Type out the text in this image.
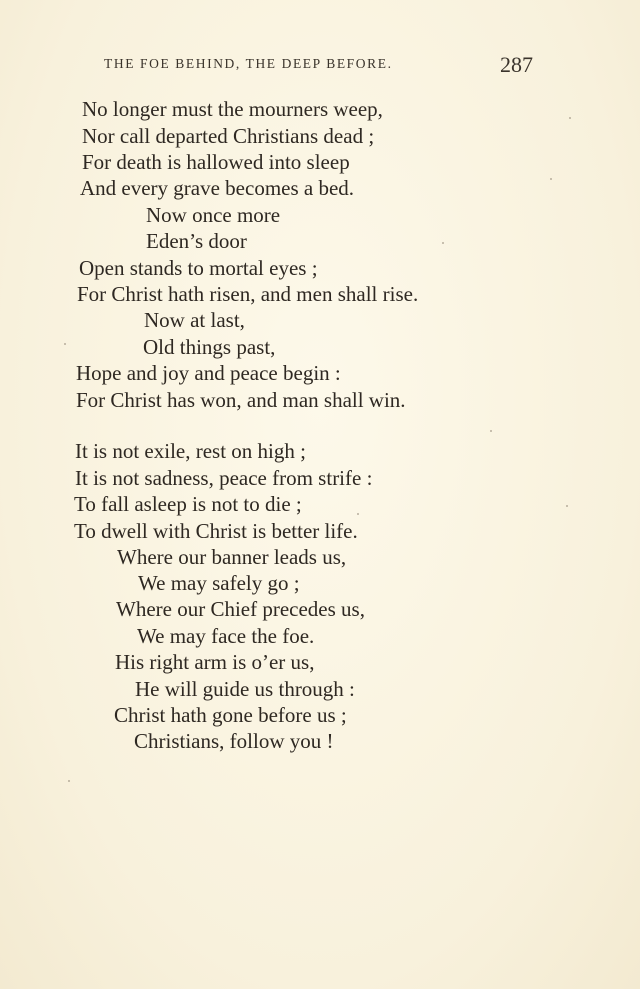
THE FOE BEHIND, THE DEEP BEFORE.	287
No longer must the mourners weep,
Nor call departed Christians dead ;
For death is hallowed into sleep
And every grave becomes a bed.
Now once more
Eden’s door
Open stands to mortal eyes ;
For Christ hath risen, and men shall rise.
Now at last,
Old things past,
Hope and joy and peace begin :
For Christ has won, and man shall win.
It is not exile, rest on high ;
It is not sadness, peace from strife :
To fall asleep is not to die ;
To dwell with Christ is better life.
Where our banner leads us,
We may safely go ;
Where our Chief precedes us,
We may face the foe.
His right arm is o’er us,
He will guide us through :
Christ hath gone before us ;
Christians, follow you !
